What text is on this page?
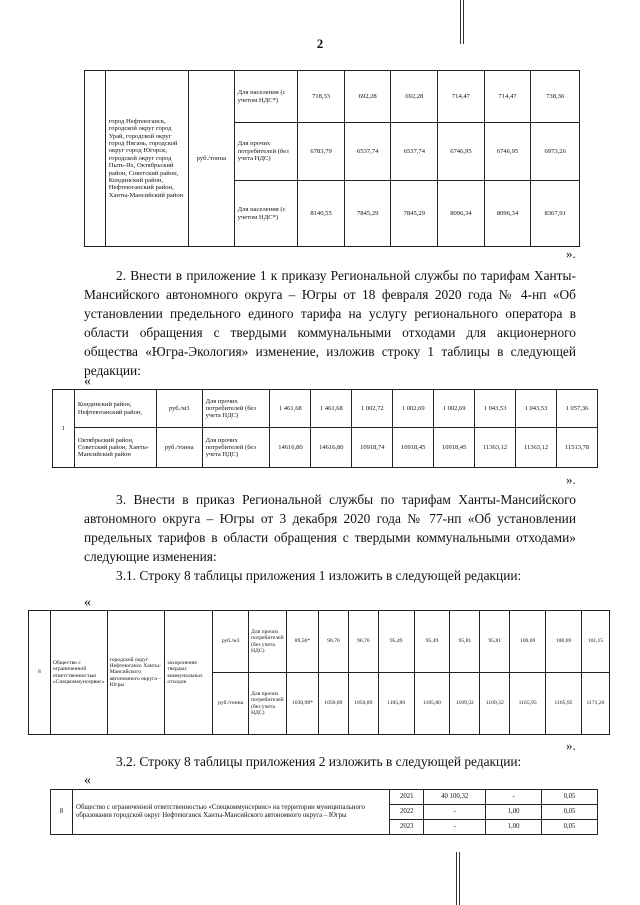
2
	город Нефтеюганск, городской округ город Урай, городской округ город Нягань, городской округ город Югорск, городской округ город Пыть-Ях, Октябрьский район, Советский район, Кондинский район, Нефтеюганский район, Ханты-Мансийский район	руб./тонна	Для населения (с учетом НДС*)	718,33	692,28	692,28	714,47	714,47	738,36
			Для прочих потребителей (без учета НДС)	6783,79	6537,74	6537,74	6746,95	6746,95	6973,26
			Для населения (с учетом НДС*)	8140,55	7845,29	7845,29	8096,34	8096,34	8367,91
».
2. Внести в приложение 1 к приказу Региональной службы по тарифам Ханты-Мансийского автономного округа – Югры от 18 февраля 2020 года № 4-нп «Об установлении предельного единого тарифа на услугу регионального оператора в области обращения с твердыми коммунальными отходами для акционерного общества «Югра-Экология» изменение, изложив строку 1 таблицы в следующей редакции:
«
1	Кондинский район, Нефтеюганский район,	руб./м3	Для прочих потребителей (без учета НДС)	1 461,68	1 461,68	1 002,72	1 002,69	1 002,69	1 043,53	1 043,53	1 057,36
	Октябрьский район, Советский район, Ханты-Мансийский район	руб./тонна	Для прочих потребителей (без учета НДС)	14616,80	14616,80	10918,74	10918,45	10918,45	11363,12	11363,12	11513,78
».
3. Внести в приказ Региональной службы по тарифам Ханты-Мансийского автономного округа – Югры от 3 декабря 2020 года № 77-нп «Об установлении предельных тарифов в области обращения с твердыми коммунальными отходами» следующие изменения:
3.1. Строку 8 таблицы приложения 1 изложить в следующей редакции:
«
8	Общество с ограниченной ответственностью «Спецкоммунсервис»	городской округ Нефтеюганск Ханты-Мансийского автономного округа – Югры	захоронение твердых коммунальных отходов	руб./м3	Для прочих потребителей (без учета НДС)	89,50*	90,76	90,76	95,49	95,49	95,81	95,81	100,69	100,69	101,15
				руб./тонна	Для прочих потребителей (без учета НДС)	1030,98*	1050,89	1050,89	1105,80	1105,80	1109,32	1109,32	1165,95	1165,95	1171,26
».
3.2. Строку 8 таблицы приложения 2 изложить в следующей редакции:
«
8	Общество с ограниченной ответственностью «Спецкоммунсервис» на территории муниципального образования городской округ Нефтеюганск Ханты-Мансийского автономного округа – Югры	2021	40 100,32	-	0,05
		2022	-	1,00	0,05
		2023	-	1,00	0,05
